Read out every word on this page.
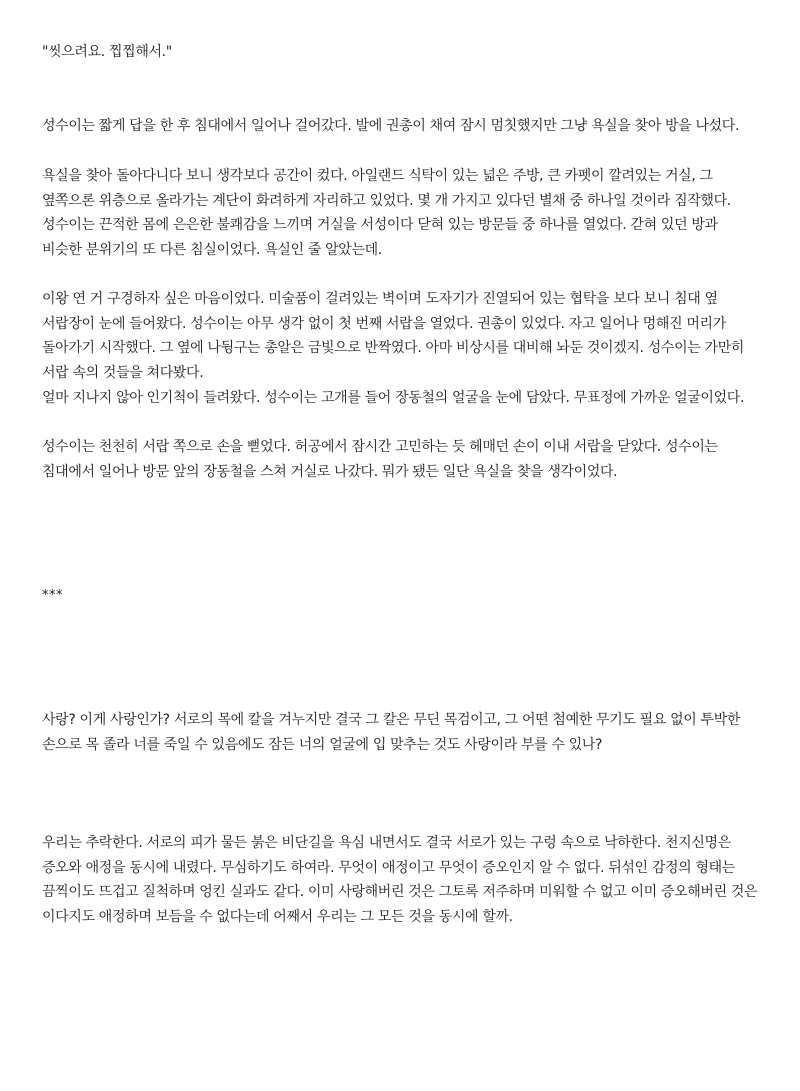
"씻으려요. 찝찝해서."

성수이는 짧게 답을 한 후 침대에서 일어나 걸어갔다. 발에 권총이 채여 잠시 멈칫했지만 그냥 욕실을 찾아 방을 나섰다.

욕실을 찾아 돌아다니다 보니 생각보다 공간이 컸다. 아일랜드 식탁이 있는 넓은 주방, 큰 카펫이 깔려있는 거실, 그 옆쪽으론 위층으로 올라가는 계단이 화려하게 자리하고 있었다. 몇 개 가지고 있다던 별채 중 하나일 것이라 짐작했다. 성수이는 끈적한 몸에 은은한 불쾌감을 느끼며 거실을 서성이다 닫혀 있는 방문들 중 하나를 열었다. 갇혀 있던 방과 비슷한 분위기의 또 다른 침실이었다. 욕실인 줄 알았는데.

이왕 연 거 구경하자 싶은 마음이었다. 미술품이 걸려있는 벽이며 도자기가 진열되어 있는 협탁을 보다 보니 침대 옆 서랍장이 눈에 들어왔다. 성수이는 아무 생각 없이 첫 번째 서랍을 열었다. 권총이 있었다. 자고 일어나 멍해진 머리가 돌아가기 시작했다. 그 옆에 나뒹구는 총알은 금빛으로 반짝였다. 아마 비상시를 대비해 놔둔 것이겠지. 성수이는 가만히 서랍 속의 것들을 쳐다봤다.

얼마 지나지 않아 인기척이 들려왔다. 성수이는 고개를 들어 장동철의 얼굴을 눈에 담았다. 무표정에 가까운 얼굴이었다.

성수이는 천천히 서랍 쪽으로 손을 뻗었다. 허공에서 잠시간 고민하는 듯 헤매던 손이 이내 서랍을 닫았다. 성수이는 침대에서 일어나 방문 앞의 장동철을 스쳐 거실로 나갔다. 뭐가 됐든 일단 욕실을 찾을 생각이었다.

***

사랑? 이게 사랑인가? 서로의 목에 칼을 겨누지만 결국 그 칼은 무딘 목검이고, 그 어떤 첨예한 무기도 필요 없이 투박한 손으로 목 졸라 너를 죽일 수 있음에도 잠든 너의 얼굴에 입 맞추는 것도 사랑이라 부를 수 있나?

우리는 추락한다. 서로의 피가 물든 붉은 비단길을 욕심 내면서도 결국 서로가 있는 구렁 속으로 낙하한다. 천지신명은 증오와 애정을 동시에 내렸다. 무심하기도 하여라. 무엇이 애정이고 무엇이 증오인지 알 수 없다. 뒤섞인 감정의 형태는 끔찍이도 뜨겁고 질척하며 엉킨 실과도 같다. 이미 사랑해버린 것은 그토록 저주하며 미워할 수 없고 이미 증오해버린 것은 이다지도 애정하며 보듬을 수 없다는데 어째서 우리는 그 모든 것을 동시에 할까.
